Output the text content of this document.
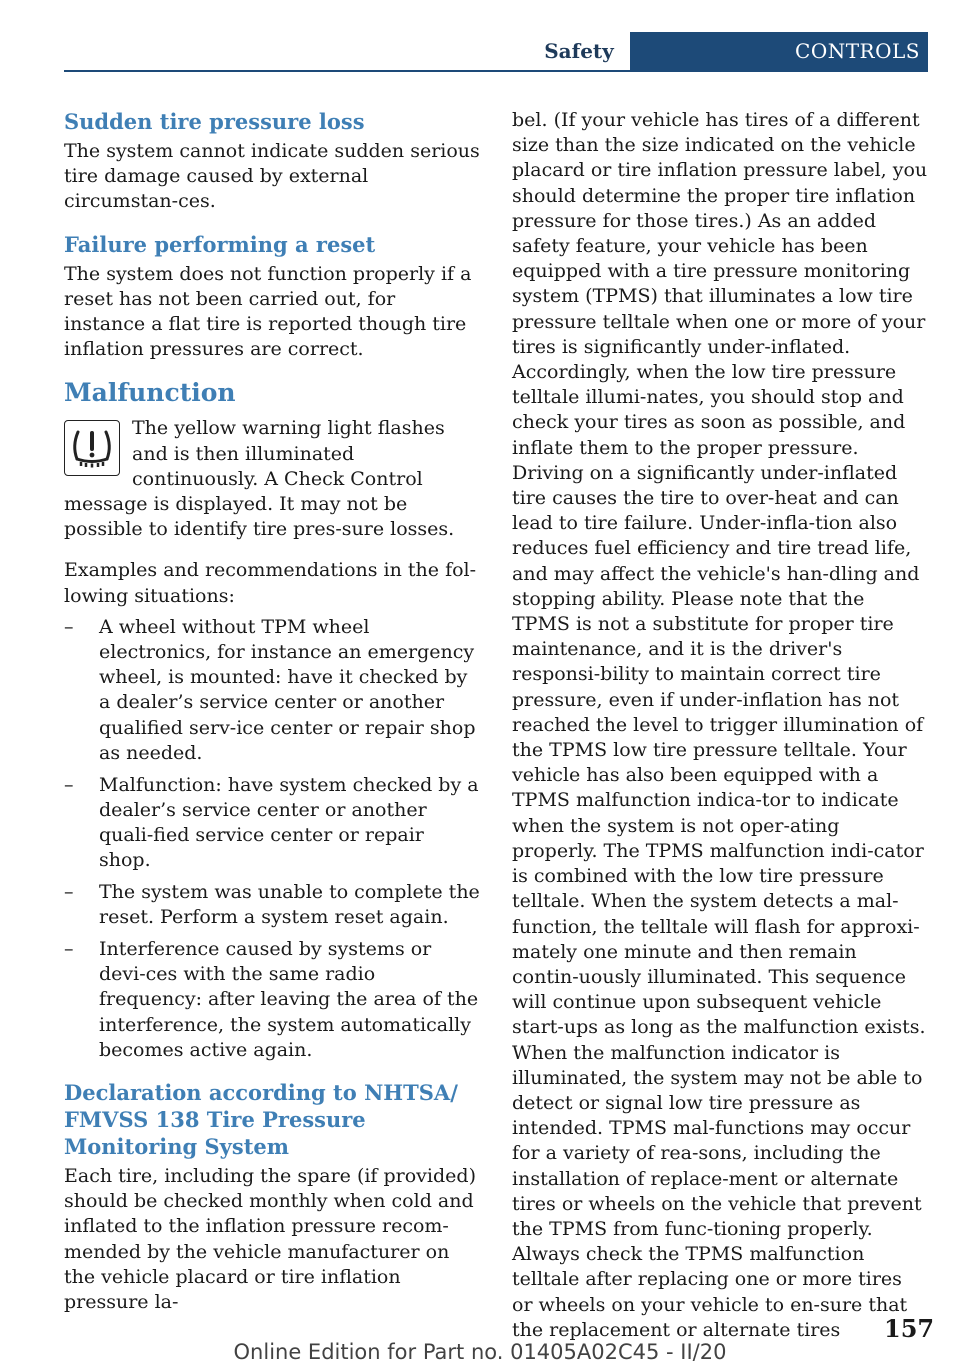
Safety	CONTROLS
Sudden tire pressure loss

The system cannot indicate sudden serious tire damage caused by external circumstan-ces.

Failure performing a reset

The system does not function properly if a reset has not been carried out, for instance a flat tire is reported though tire inflation pressures are correct.

Malfunction

The yellow warning light flashes and is then illuminated continuously. A Check Control message is displayed. It may not be possible to identify tire pres-sure losses.

Examples and recommendations in the fol-lowing situations:

– A wheel without TPM wheel electronics, for instance an emergency wheel, is mounted: have it checked by a dealer’s service center or another qualified serv-ice center or repair shop as needed.
– Malfunction: have system checked by a dealer’s service center or another quali-fied service center or repair shop.
– The system was unable to complete the reset. Perform a system reset again.
– Interference caused by systems or devi-ces with the same radio frequency: after leaving the area of the interference, the system automatically becomes active again.
Declaration according to NHTSA/ FMVSS 138 Tire Pressure Monitoring System

Each tire, including the spare (if provided) should be checked monthly when cold and inflated to the inflation pressure recom-mended by the vehicle manufacturer on the vehicle placard or tire inflation pressure la-

bel. (If your vehicle has tires of a different size than the size indicated on the vehicle placard or tire inflation pressure label, you should determine the proper tire inflation pressure for those tires.) As an added safety feature, your vehicle has been equipped with a tire pressure monitoring system (TPMS) that illuminates a low tire pressure telltale when one or more of your tires is significantly under-inflated. Accordingly, when the low tire pressure telltale illumi-nates, you should stop and check your tires as soon as possible, and inflate them to the proper pressure. Driving on a significantly under-inflated tire causes the tire to over-heat and can lead to tire failure. Under-infla-tion also reduces fuel efficiency and tire tread life, and may affect the vehicle's han-dling and stopping ability. Please note that the TPMS is not a substitute for proper tire maintenance, and it is the driver's responsi-bility to maintain correct tire pressure, even if under-inflation has not reached the level to trigger illumination of the TPMS low tire pressure telltale. Your vehicle has also been equipped with a TPMS malfunction indica-tor to indicate when the system is not oper-ating properly. The TPMS malfunction indi-cator is combined with the low tire pressure telltale. When the system detects a mal-function, the telltale will flash for approxi-mately one minute and then remain contin-uously illuminated. This sequence will continue upon subsequent vehicle start-ups as long as the malfunction exists. When the malfunction indicator is illuminated, the system may not be able to detect or signal low tire pressure as intended. TPMS mal-functions may occur for a variety of rea-sons, including the installation of replace-ment or alternate tires or wheels on the vehicle that prevent the TPMS from func-tioning properly. Always check the TPMS malfunction telltale after replacing one or more tires or wheels on your vehicle to en-sure that the replacement or alternate tires	157
Online Edition for Part no. 01405A02C45 - II/20
